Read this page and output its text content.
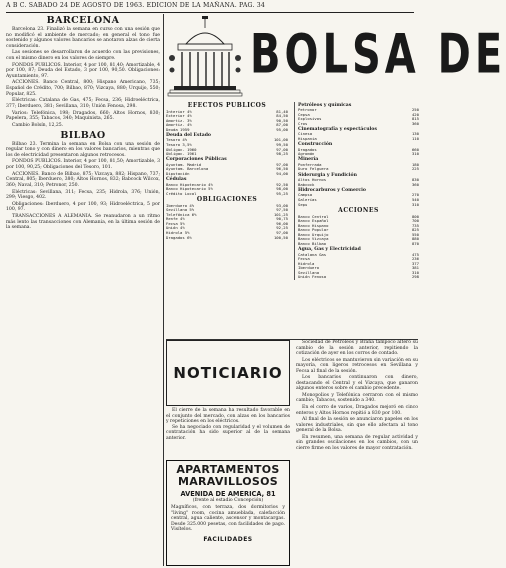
A B C. SABADO 24 DE AGOSTO DE 1963. EDICION DE LA MAÑANA. PAG. 34
BARCELONA

Barcelona 23. Finalizó la semana en curso con una sesión que no modificó el ambiente de mercado; en general el tono fue sostenido y algunos valores bancarios se anotaron alzas de cierta consideración.

Las sesiones se desarrollaron de acuerdo con las previsiones, con el mismo dinero en los valores de siempre.

FONDOS PUBLICOS. Interior, 4 por 100, 81,40; Amortizable, 4 por 100, 87; Deuda del Estado, 3 por 100, 90,50. Obligaciones: Ayuntamiento, 97.

ACCIONES. Banco Central, 800; Hispano Americano, 735; Español de Crédito, 700; Bilbao, 870; Vizcaya, 880; Urquijo, 550; Popular, 825.

Eléctricas: Catalana de Gas, 475; Fecsa, 236; Hidroeléctrica, 377; Iberduero, 381; Sevillana, 310; Unión Fenosa, 298.

Varios: Telefónica, 198; Dragados, 660; Altos Hornos, 830; Papelera, 355; Tabacos, 340; Maquinista, 265.

Cambio Bolsín, 12,25.

BILBAO

Bilbao 23. Termina la semana en Bolsa con una sesión de regular tono y con dinero en los valores bancarios, mientras que los de electricidad presentaron algunos retrocesos.

FONDOS PUBLICOS. Interior, 4 por 100, 81,50; Amortizable, 3 por 100, 90,25; Obligaciones del Tesoro, 101.

ACCIONES. Banco de Bilbao, 875; Vizcaya, 882; Hispano, 737; Central, 805; Iberduero, 380; Altos Hornos, 832; Babcock Wilcox, 360; Naval, 310; Petronor, 250.

Eléctricas: Sevillana, 311; Fecsa, 235; Hidrola, 376; Unión, 299; Viesgo, 402.

Obligaciones: Iberduero, 4 por 100, 93; Hidroeléctrica, 5 por 100, 97.

TRANSACCIONES A ALEMANIA. Se reanudaron a un ritmo más lento las transacciones con Alemania, en la última sesión de la semana.

BOLSA DE
EFECTOS PUBLICOS
Interior 4%	81,40
Exterior 4%	84,50
Amortiz. 3%	90,50
Amortiz. 4%	87,00
Deuda 1959	95,00
Deuda del Estado
Tesoro 4%	101,00
Tesoro 3,5%	99,50
Obligac. 1960	97,00
Obligac. 1961	98,25
Corporaciones Públicas
Ayuntam. Madrid	97,00
Ayuntam. Barcelona	96,50
Diputación	94,00
Cédulas
Banco Hipotecario 4%	92,50
Banco Hipotecario 5%	98,00
Crédito Local	95,25
OBLIGACIONES
Iberduero 4%	93,00
Sevillana 5%	97,50
Telefónica 6%	101,25
Renfe 4%	90,75
Fecsa 5%	96,00
Unión 4%	92,25
Hidrola 5%	97,00
Dragados 6%	100,50
Petróleos y químicas
Petronor	250
Cepsa	420
Explosivos	815
Cros	360
Cinematografía y espectáculos
Cinesa	130
Hispania	110
Construcción
Dragados	660
Agromán	310
Minería
Ponferrada	180
Duro Felguera	225
Siderurgia y Fundición
Altos Hornos	830
Babcock	360
Hidrocarburos y Comercio
Campsa	270
Galerías	540
Sepu	310
ACCIONES
Banco Central	800
Banco Español	700
Banco Hispano	735
Banco Popular	825
Banco Urquijo	550
Banco Vizcaya	880
Banco Bilbao	870
Agua, Gas y Electricidad
Catalana Gas	475
Fecsa	236
Hidrola	377
Iberduero	381
Sevillana	310
Unión Fenosa	298
NOTICIARIO

El cierre de la semana ha resultado favorable en el conjunto del mercado, con alzas en los bancarios y repeticiones en los eléctricos.

Se ha negociado con regularidad y el volumen de contratación ha sido superior al de la semana anterior.

APARTAMENTOS MARAVILLOSOS
AVENIDA DE AMERICA, 81
(frente al estadio Concepción)
Magníficos, con terraza, dos dormitorios y "living" room, cocina amueblada, calefacción central, agua caliente, ascensor y montacargas. Desde 325.000 pesetas, con facilidades de pago. Visítelos.
FACILIDADES

Sociedad de Petróleos y Braña tampoco alteró su cambio de la sesión anterior, repitiendo la cotización de ayer en los corros de contado.

Los eléctricos se mantuvieron sin variación en su mayoría, con ligeros retrocesos en Sevillana y Fecsa al final de la sesión.

Los bancarios continuaron con dinero, destacando el Central y el Vizcaya, que ganaron algunos enteros sobre el cambio precedente.

Monopolios y Telefónica cerraron con el mismo cambio; Tabacos, sostenido a 340.

En el corro de varios, Dragados mejoró en cinco enteros y Altos Hornos repitió a 830 por 100.

Al final de la sesión se anunciaron papeles en los valores industriales, sin que ello afectara al tono general de la Bolsa.

En resumen, una semana de regular actividad y sin grandes oscilaciones en los cambios, con un cierre firme en los valores de mayor contratación.
